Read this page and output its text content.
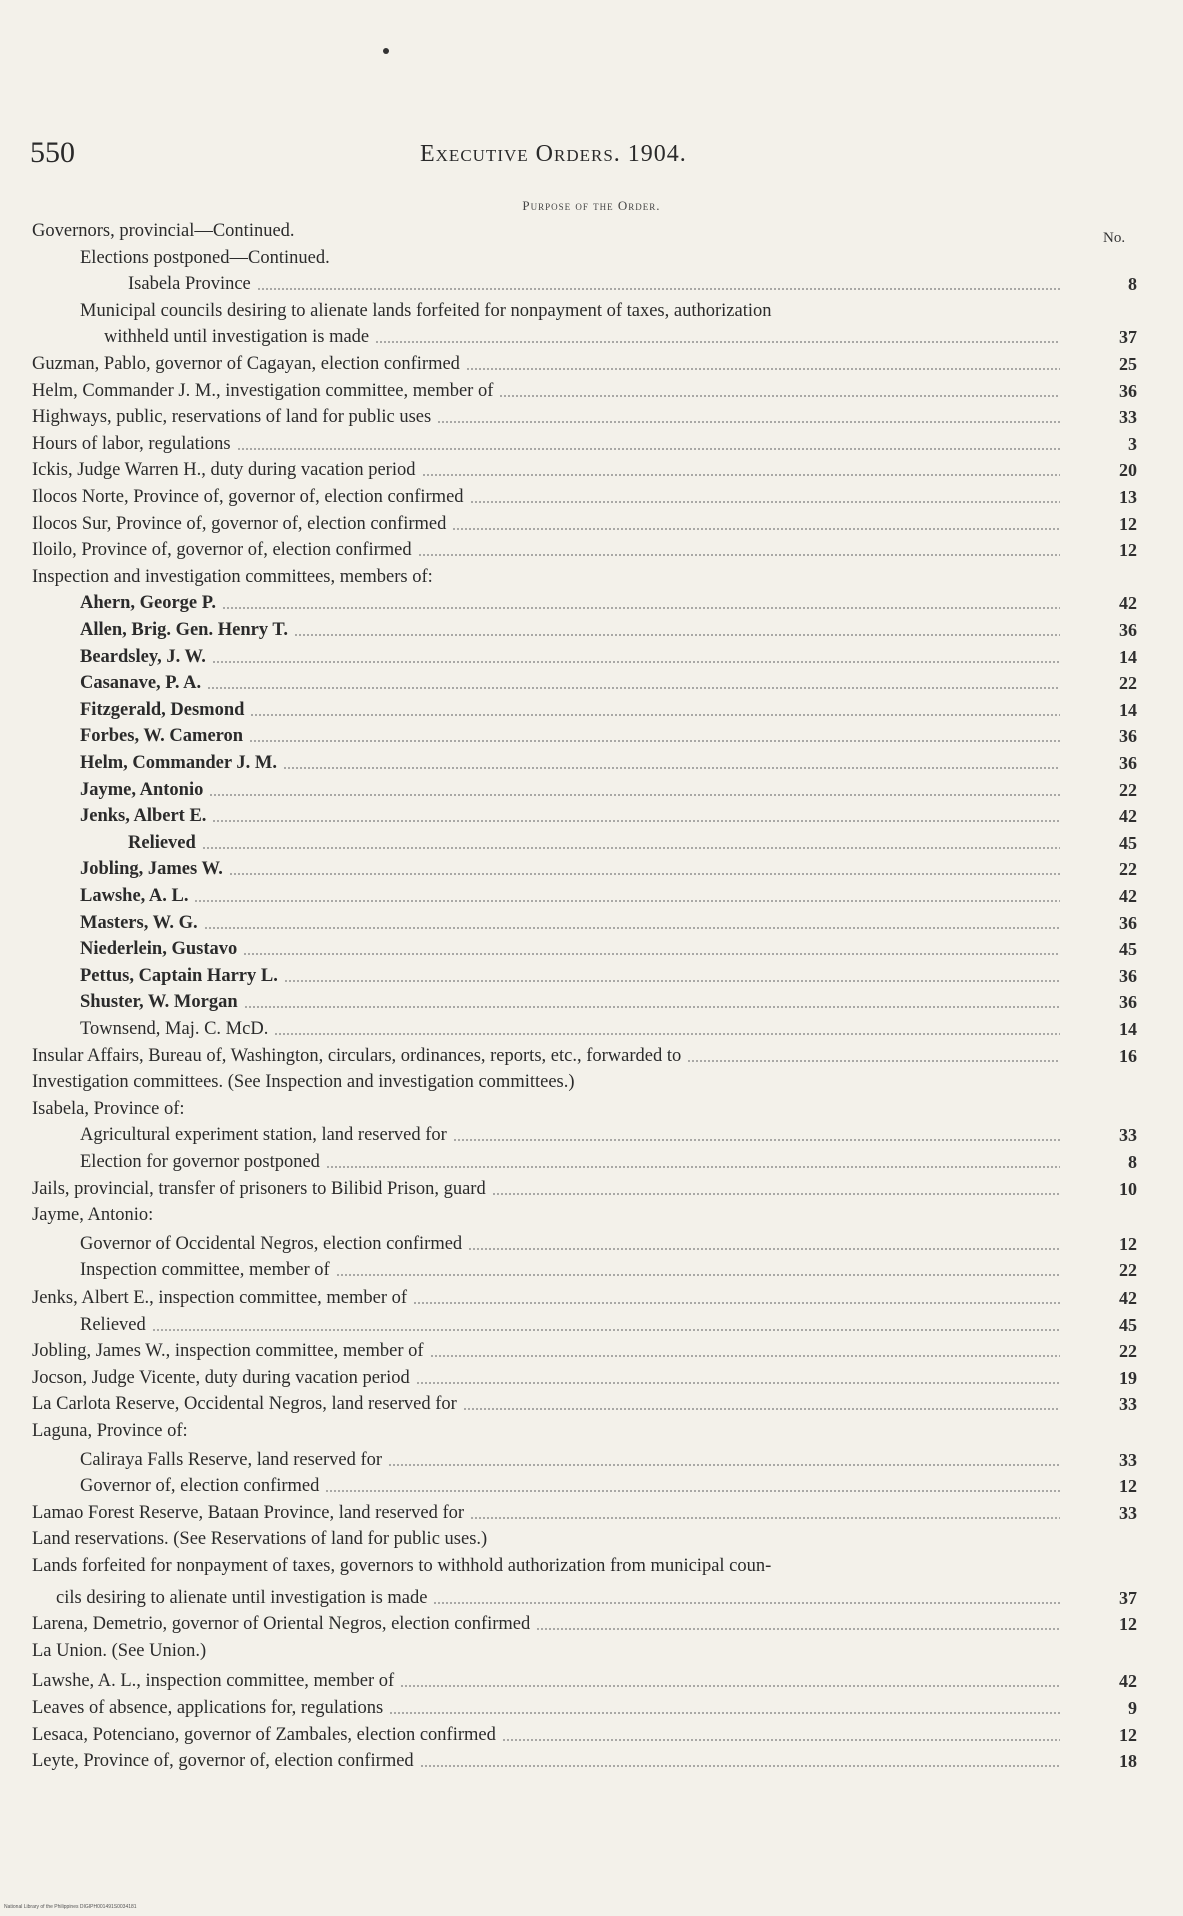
550	Executive Orders. 1904.
Purpose of the Order.
No.
Governors, provincial—Continued.
Elections postponed—Continued.
Isabela Province	8
Municipal councils desiring to alienate lands forfeited for nonpayment of taxes, authorization
withheld until investigation is made	37
Guzman, Pablo, governor of Cagayan, election confirmed	25
Helm, Commander J. M., investigation committee, member of	36
Highways, public, reservations of land for public uses	33
Hours of labor, regulations	3
Ickis, Judge Warren H., duty during vacation period	20
Ilocos Norte, Province of, governor of, election confirmed	13
Ilocos Sur, Province of, governor of, election confirmed	12
Iloilo, Province of, governor of, election confirmed	12
Inspection and investigation committees, members of:
Ahern, George P.	42
Allen, Brig. Gen. Henry T.	36
Beardsley, J. W.	14
Casanave, P. A.	22
Fitzgerald, Desmond	14
Forbes, W. Cameron	36
Helm, Commander J. M.	36
Jayme, Antonio	22
Jenks, Albert E.	42
Relieved	45
Jobling, James W.	22
Lawshe, A. L.	42
Masters, W. G.	36
Niederlein, Gustavo	45
Pettus, Captain Harry L.	36
Shuster, W. Morgan	36
Townsend, Maj. C. McD.	14
Insular Affairs, Bureau of, Washington, circulars, ordinances, reports, etc., forwarded to	16
Investigation committees. (See Inspection and investigation committees.)
Isabela, Province of:
Agricultural experiment station, land reserved for	33
Election for governor postponed	8
Jails, provincial, transfer of prisoners to Bilibid Prison, guard	10
Jayme, Antonio:
Governor of Occidental Negros, election confirmed	12
Inspection committee, member of	22
Jenks, Albert E., inspection committee, member of	42
Relieved	45
Jobling, James W., inspection committee, member of	22
Jocson, Judge Vicente, duty during vacation period	19
La Carlota Reserve, Occidental Negros, land reserved for	33
Laguna, Province of:
Caliraya Falls Reserve, land reserved for	33
Governor of, election confirmed	12
Lamao Forest Reserve, Bataan Province, land reserved for	33
Land reservations. (See Reservations of land for public uses.)
Lands forfeited for nonpayment of taxes, governors to withhold authorization from municipal coun-
cils desiring to alienate until investigation is made	37
Larena, Demetrio, governor of Oriental Negros, election confirmed	12
La Union. (See Union.)
Lawshe, A. L., inspection committee, member of	42
Leaves of absence, applications for, regulations	9
Lesaca, Potenciano, governor of Zambales, election confirmed	12
Leyte, Province of, governor of, election confirmed	18
National Library of the Philippines DIGIPH001491S0034181
